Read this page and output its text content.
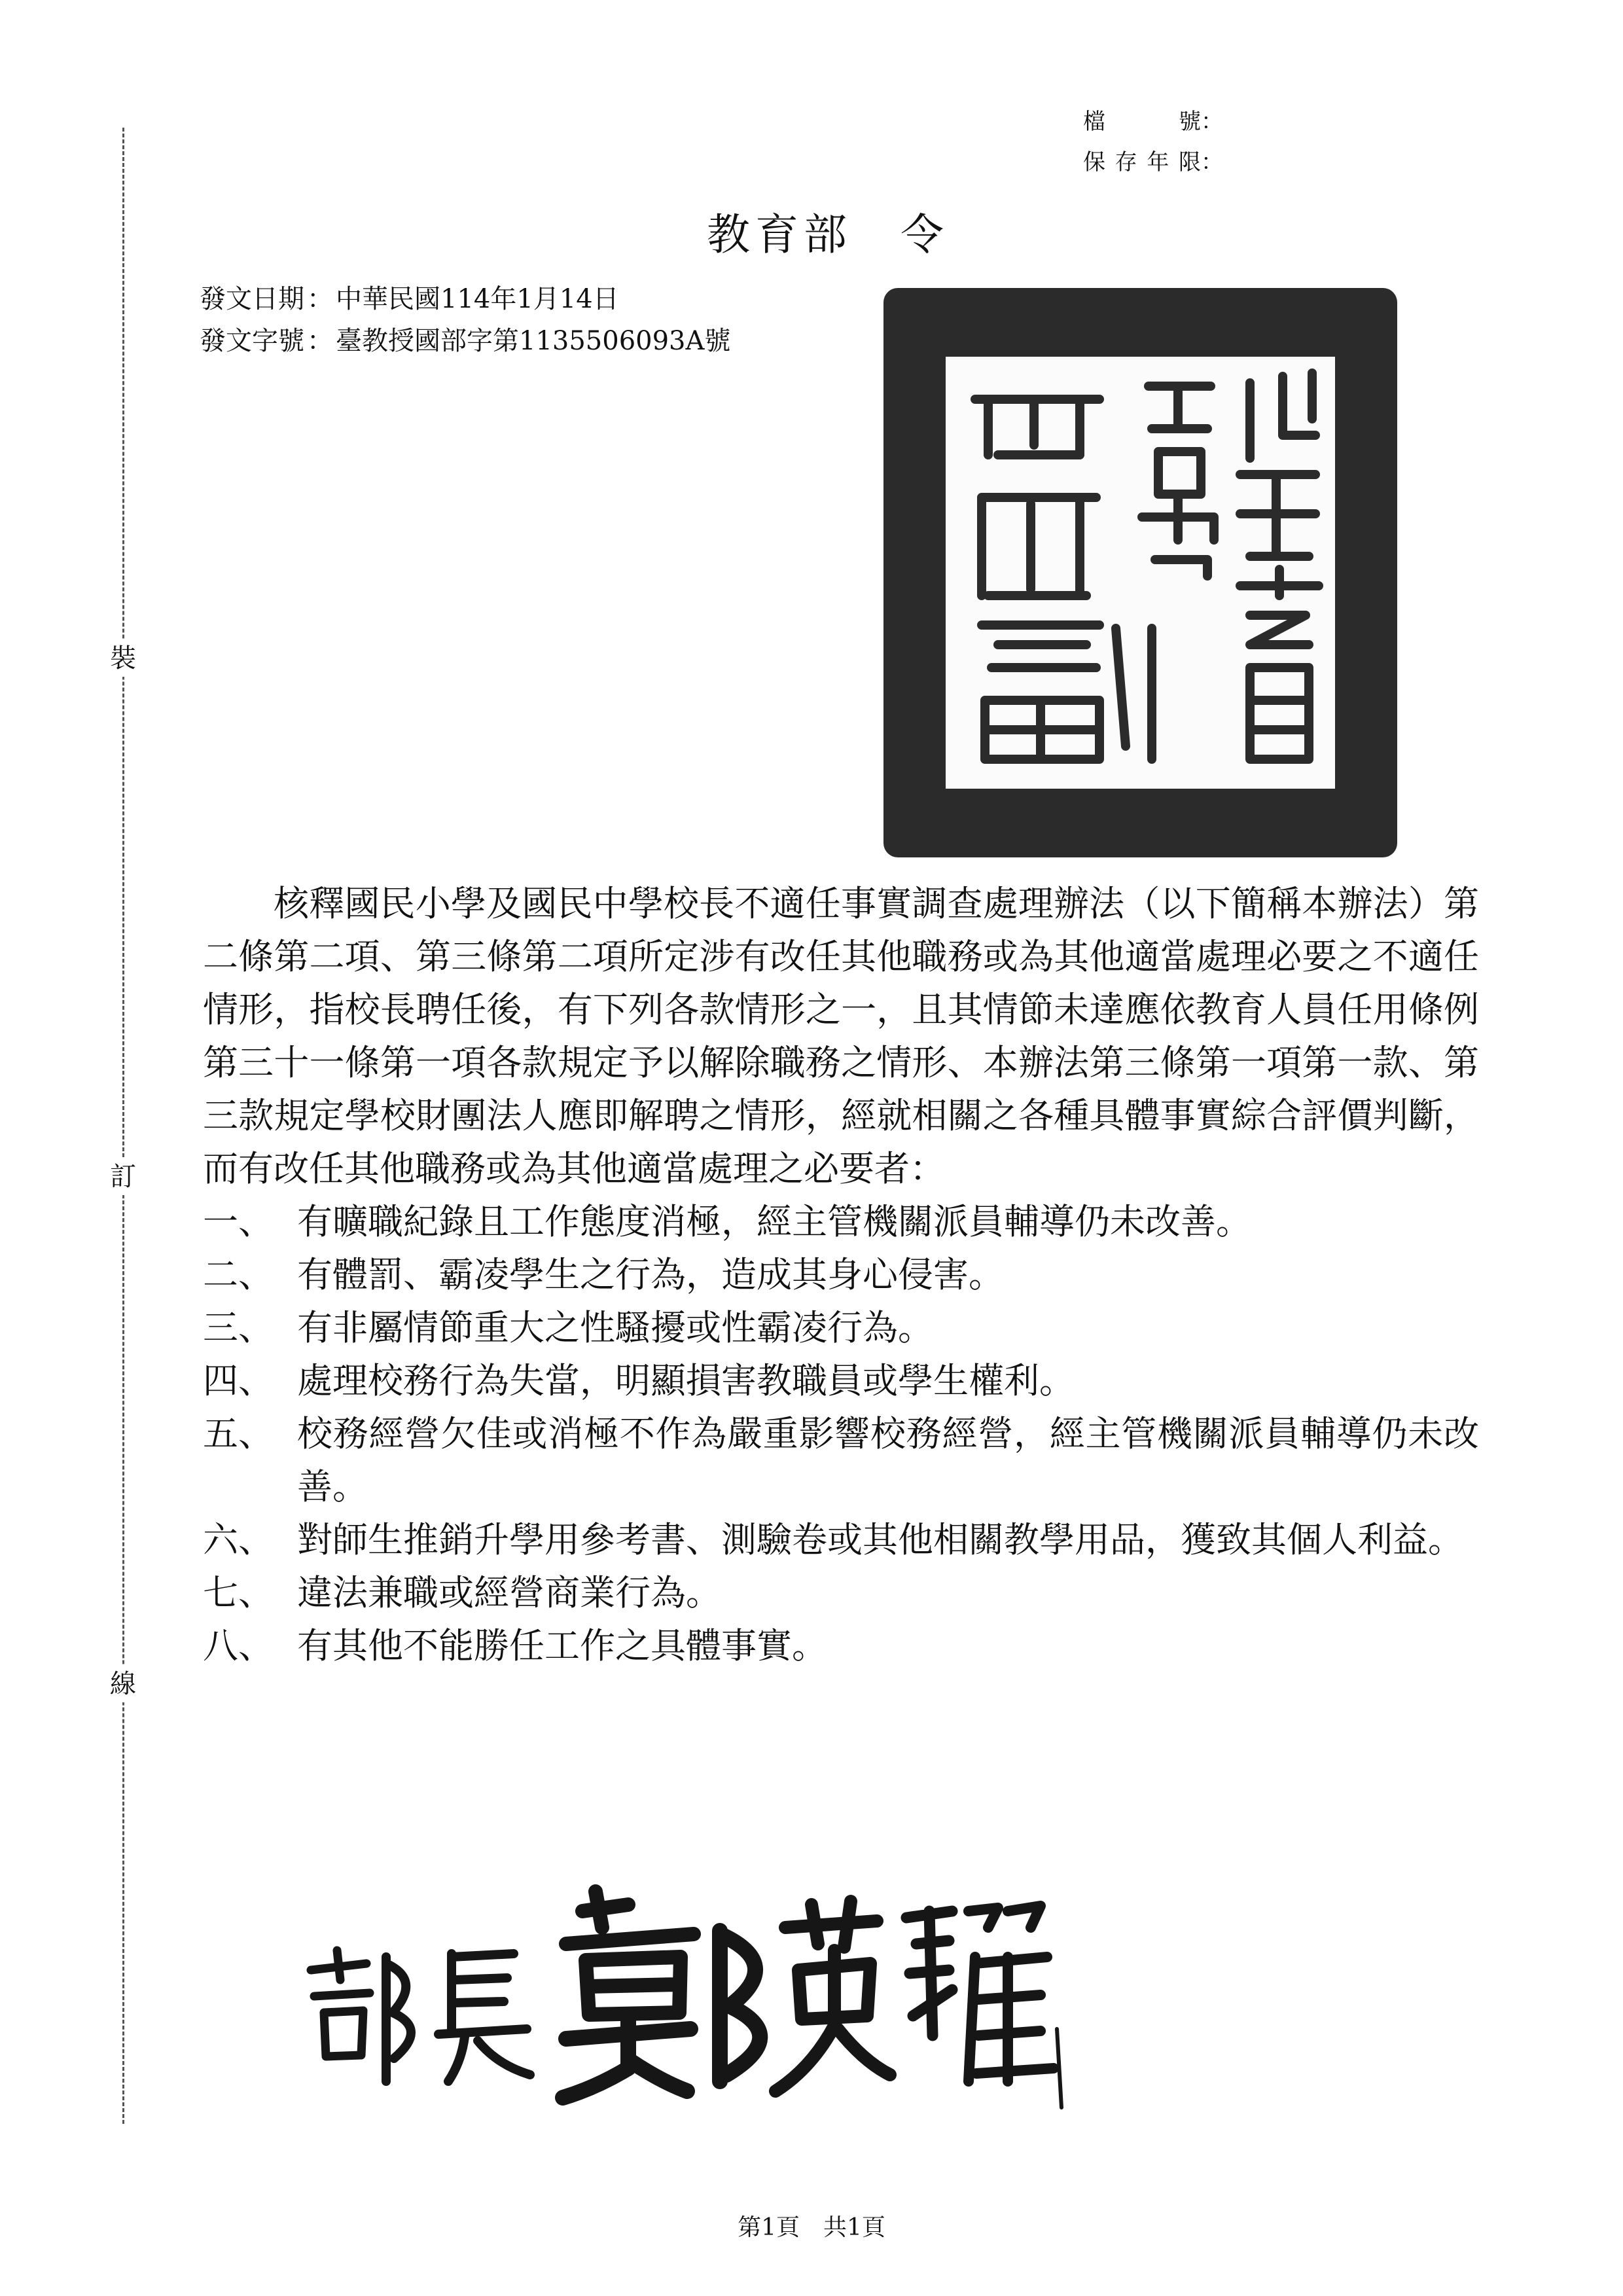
裝
訂
線
檔　　號 ：
保存年限 ：
教育部　 令
發文日期 ： 中華民國114年1月14日
發文字號 ： 臺教授國部字第1135506093A號

核釋國民小學及國民中學校長不適任事實調查處理辦法（以下簡稱本辦法）第二條第二項、第三條第二項所定涉有改任其他職務或為其他適當處理必要之不適任情形，指校長聘任後，有下列各款情形之一，且其情節未達應依教育人員任用條例第三十一條第一項各款規定予以解除職務之情形、本辦法第三條第一項第一款、第三款規定學校財團法人應即解聘之情形，經就相關之各種具體事實綜合評價判斷，而有改任其他職務或為其他適當處理之必要者：

一、 有曠職紀錄且工作態度消極，經主管機關派員輔導仍未改善。
二、 有體罰、霸凌學生之行為，造成其身心侵害。
三、 有非屬情節重大之性騷擾或性霸凌行為。
四、 處理校務行為失當，明顯損害教職員或學生權利。
五、 校務經營欠佳或消極不作為嚴重影響校務經營，經主管機關派員輔導仍未改善。
六、 對師生推銷升學用參考書、測驗卷或其他相關教學用品，獲致其個人利益。
七、 違法兼職或經營商業行為。
八、 有其他不能勝任工作之具體事實。
第1頁　共1頁
